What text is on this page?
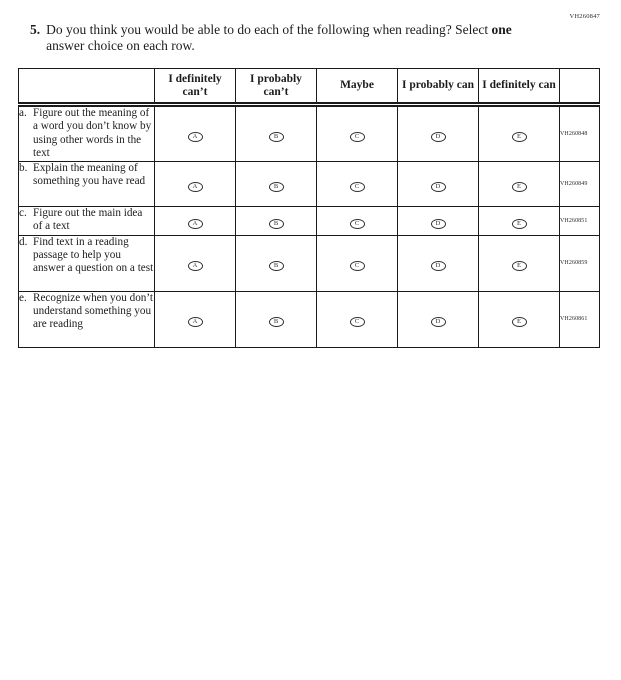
VH260847
5. Do you think you would be able to do each of the following when reading? Select one
answer choice on each row.
	I definitely can’t	I probably can’t	Maybe	I probably can	I definitely can	

a. Figure out the meaning of a word you don’t know by using other words in the text	A	B	C	D	E	VH260848

b. Explain the meaning of something you have read	A	B	C	D	E	VH260849

c. Figure out the main idea of a text	A	B	C	D	E	VH260851

d. Find text in a reading passage to help you answer a question on a test	A	B	C	D	E	VH260859

e. Recognize when you don’t understand something you are reading	A	B	C	D	E	VH260861
